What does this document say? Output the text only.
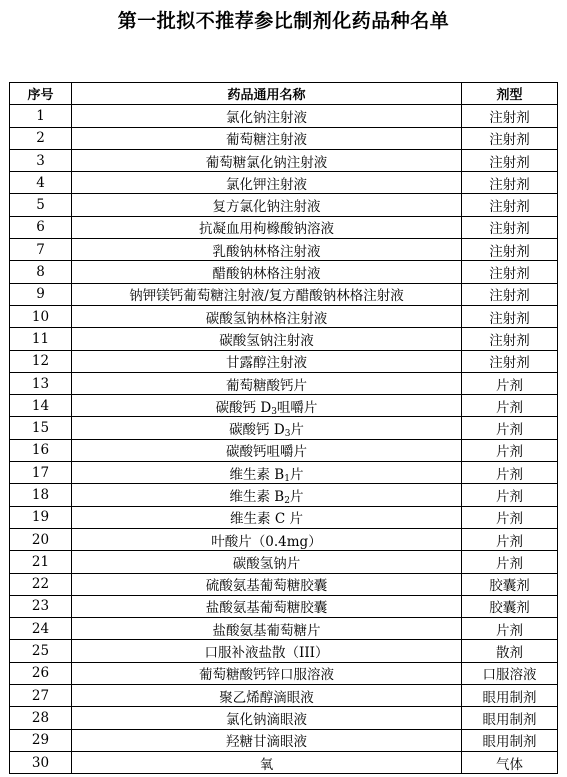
第一批拟不推荐参比制剂化药品种名单
序号	药品通用名称	剂型
1	氯化钠注射液	注射剂
2	葡萄糖注射液	注射剂
3	葡萄糖氯化钠注射液	注射剂
4	氯化钾注射液	注射剂
5	复方氯化钠注射液	注射剂
6	抗凝血用枸橼酸钠溶液	注射剂
7	乳酸钠林格注射液	注射剂
8	醋酸钠林格注射液	注射剂
9	钠钾镁钙葡萄糖注射液/复方醋酸钠林格注射液	注射剂
10	碳酸氢钠林格注射液	注射剂
11	碳酸氢钠注射液	注射剂
12	甘露醇注射液	注射剂
13	葡萄糖酸钙片	片剂
14	碳酸钙 $D_3$咀嚼片	片剂
15	碳酸钙 $D_3$片	片剂
16	碳酸钙咀嚼片	片剂
17	维生素 $B_1$片	片剂
18	维生素 $B_2$片	片剂
19	维生素 C 片	片剂
20	叶酸片（0.4mg）	片剂
21	碳酸氢钠片	片剂
22	硫酸氨基葡萄糖胶囊	胶囊剂
23	盐酸氨基葡萄糖胶囊	胶囊剂
24	盐酸氨基葡萄糖片	片剂
25	口服补液盐散（III）	散剂
26	葡萄糖酸钙锌口服溶液	口服溶液
27	聚乙烯醇滴眼液	眼用制剂
28	氯化钠滴眼液	眼用制剂
29	羟糖甘滴眼液	眼用制剂
30	氧	气体
